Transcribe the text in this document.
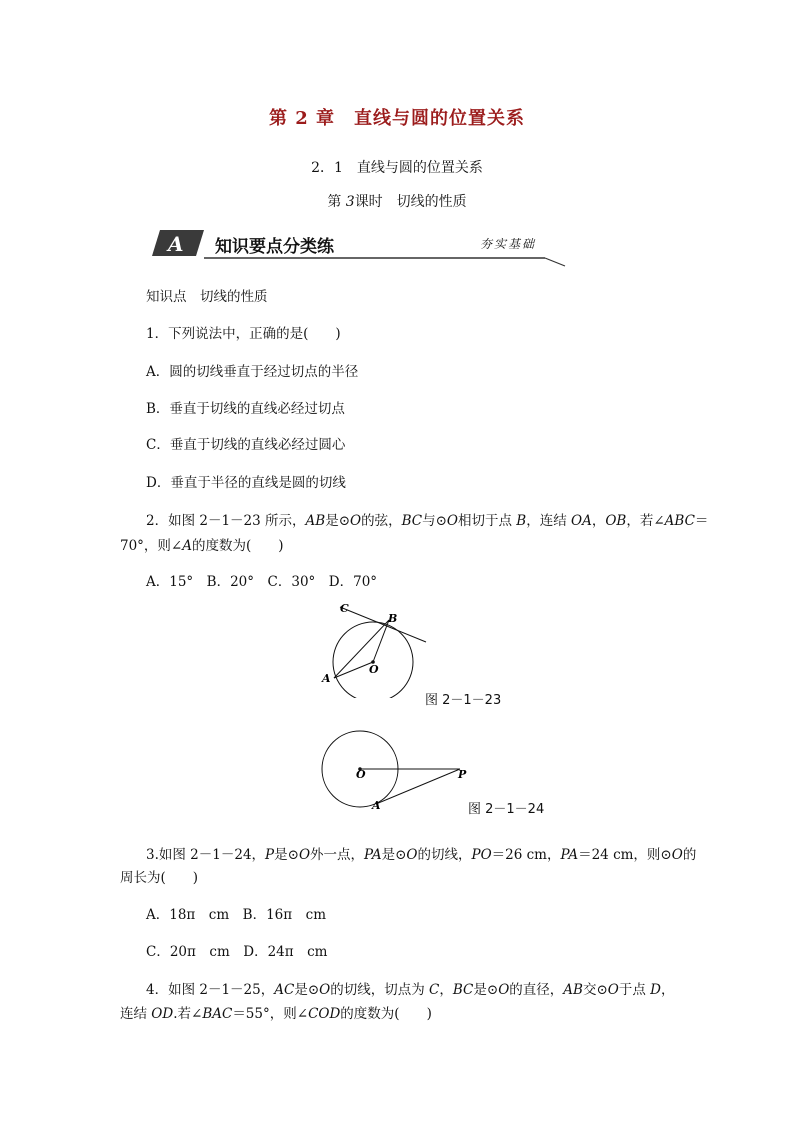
第 2 章　直线与圆的位置关系
2．1　直线与圆的位置关系
第 3课时　切线的性质
A 知识要点分类练	夯实基础
知识点　切线的性质
1．下列说法中，正确的是(　　)
A．圆的切线垂直于经过切点的半径
B．垂直于切线的直线必经过切点
C．垂直于切线的直线必经过圆心
D．垂直于半径的直线是圆的切线
2．如图 2－1－23 所示，AB是⊙O的弦，BC与⊙O相切于点 B，连结 OA，OB，若∠ABC＝
70°，则∠A的度数为(　　)
A．15°　B．20°　C．30°　D．70°
C
B
A
O
图 2－1－23
O	P
A	图 2－1－24
3.如图 2－1－24，P是⊙O外一点，PA是⊙O的切线，PO＝26 cm，PA＝24 cm，则⊙O的
周长为(　　)
A．18π　cm　B．16π　cm
C．20π　cm　D．24π　cm
4．如图 2－1－25，AC是⊙O的切线，切点为 C，BC是⊙O的直径，AB交⊙O于点 D，
连结 OD.若∠BAC＝55°，则∠COD的度数为(　　)
